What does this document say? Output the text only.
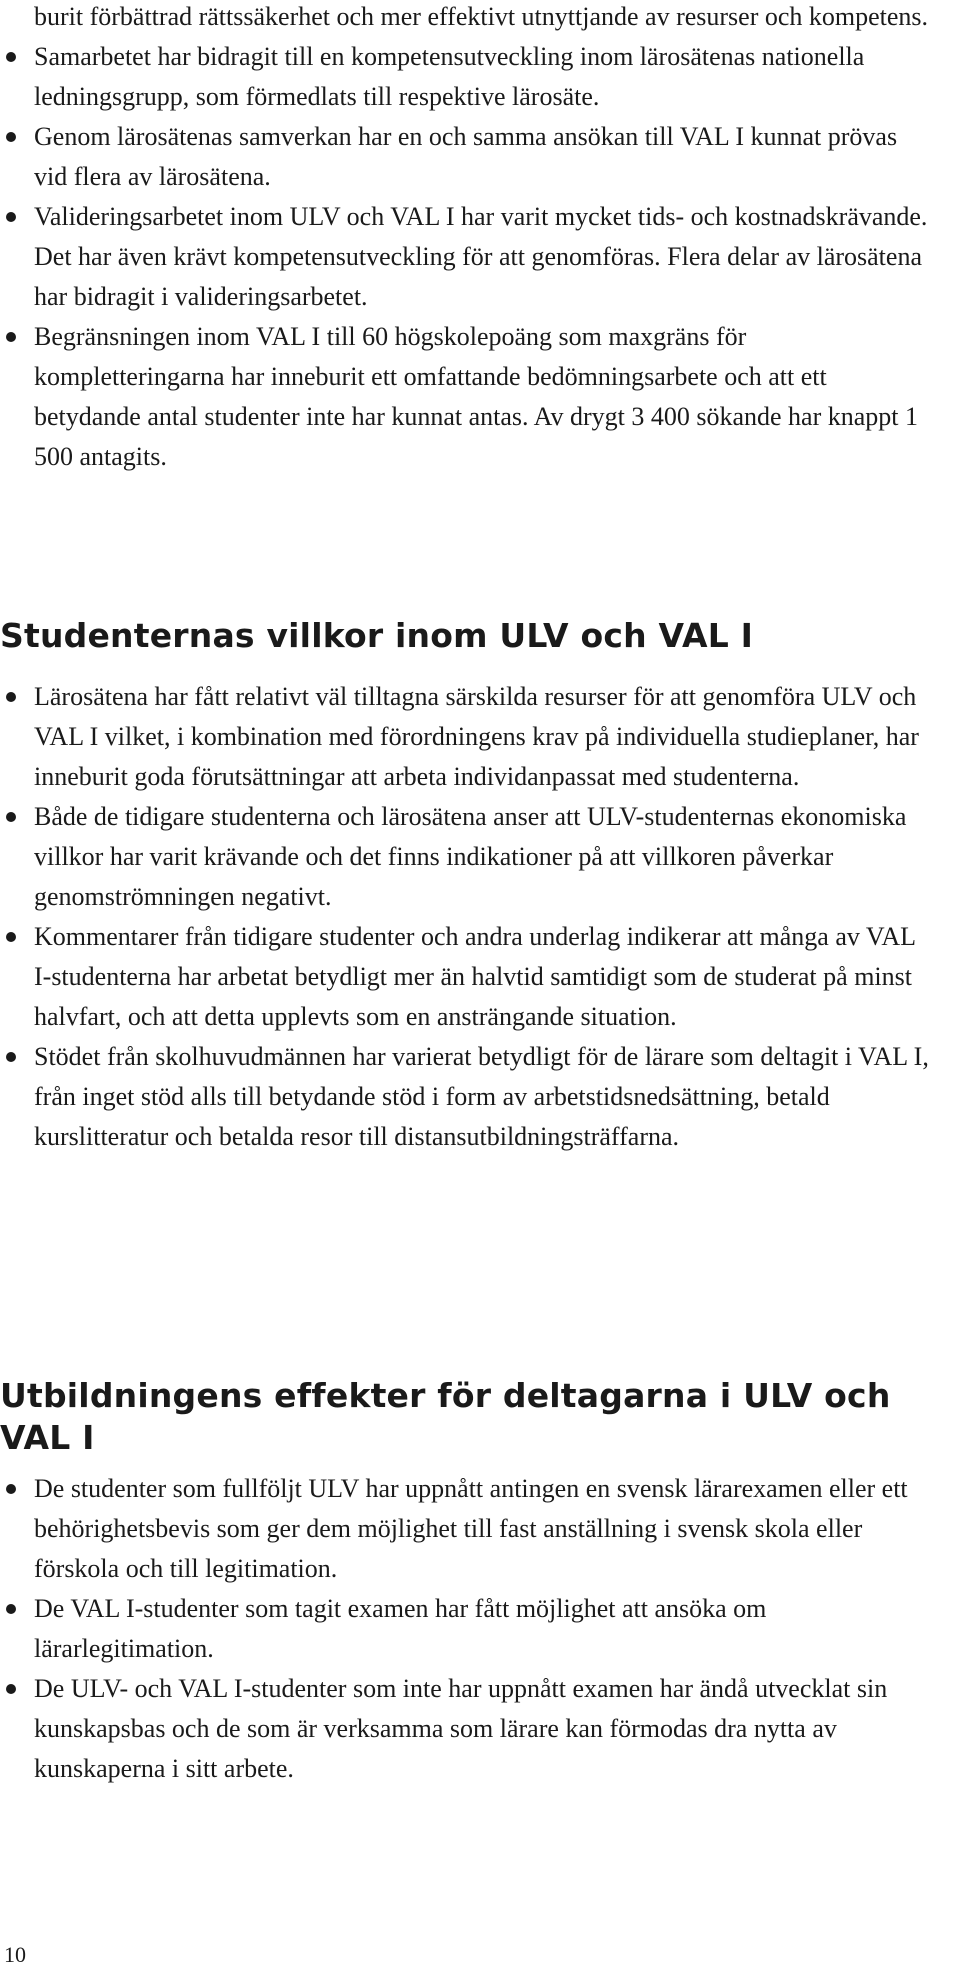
burit förbättrad rättssäkerhet och mer effektivt utnyttjande av resurser och kompetens.

Samarbetet har bidragit till en kompetensutveckling inom lärosätenas nationella ledningsgrupp, som förmedlats till respektive lärosäte.
Genom lärosätenas samverkan har en och samma ansökan till VAL I kunnat prövas vid flera av lärosätena.
Valideringsarbetet inom ULV och VAL I har varit mycket tids- och kostnadskrävande. Det har även krävt kompetensutveckling för att genomföras. Flera delar av lärosätena har bidragit i valideringsarbetet.
Begränsningen inom VAL I till 60 högskolepoäng som maxgräns för kompletteringarna har inneburit ett omfattande bedömningsarbete och att ett betydande antal studenter inte har kunnat antas. Av drygt 3 400 sökande har knappt 1 500 antagits.
Studenternas villkor inom ULV och VAL I
Lärosätena har fått relativt väl tilltagna särskilda resurser för att genomföra ULV och VAL I vilket, i kombination med förordningens krav på individuella studieplaner, har inneburit goda förutsättningar att arbeta individanpassat med studenterna.
Både de tidigare studenterna och lärosätena anser att ULV-studenternas ekonomiska villkor har varit krävande och det finns indikationer på att villkoren påverkar genomströmningen negativt.
Kommentarer från tidigare studenter och andra underlag indikerar att många av VAL I-studenterna har arbetat betydligt mer än halvtid samtidigt som de studerat på minst halvfart, och att detta upplevts som en ansträngande situation.
Stödet från skolhuvudmännen har varierat betydligt för de lärare som deltagit i VAL I, från inget stöd alls till betydande stöd i form av arbetstidsnedsättning, betald kurslitteratur och betalda resor till distansutbildningsträffarna.
Utbildningens effekter för deltagarna i ULV och VAL I
De studenter som fullföljt ULV har uppnått antingen en svensk lärarexamen eller ett behörighetsbevis som ger dem möjlighet till fast anställning i svensk skola eller förskola och till legitimation.
De VAL I-studenter som tagit examen har fått möjlighet att ansöka om lärarlegitimation.
De ULV- och VAL I-studenter som inte har uppnått examen har ändå utvecklat sin kunskapsbas och de som är verksamma som lärare kan förmodas dra nytta av kunskaperna i sitt arbete.
10
